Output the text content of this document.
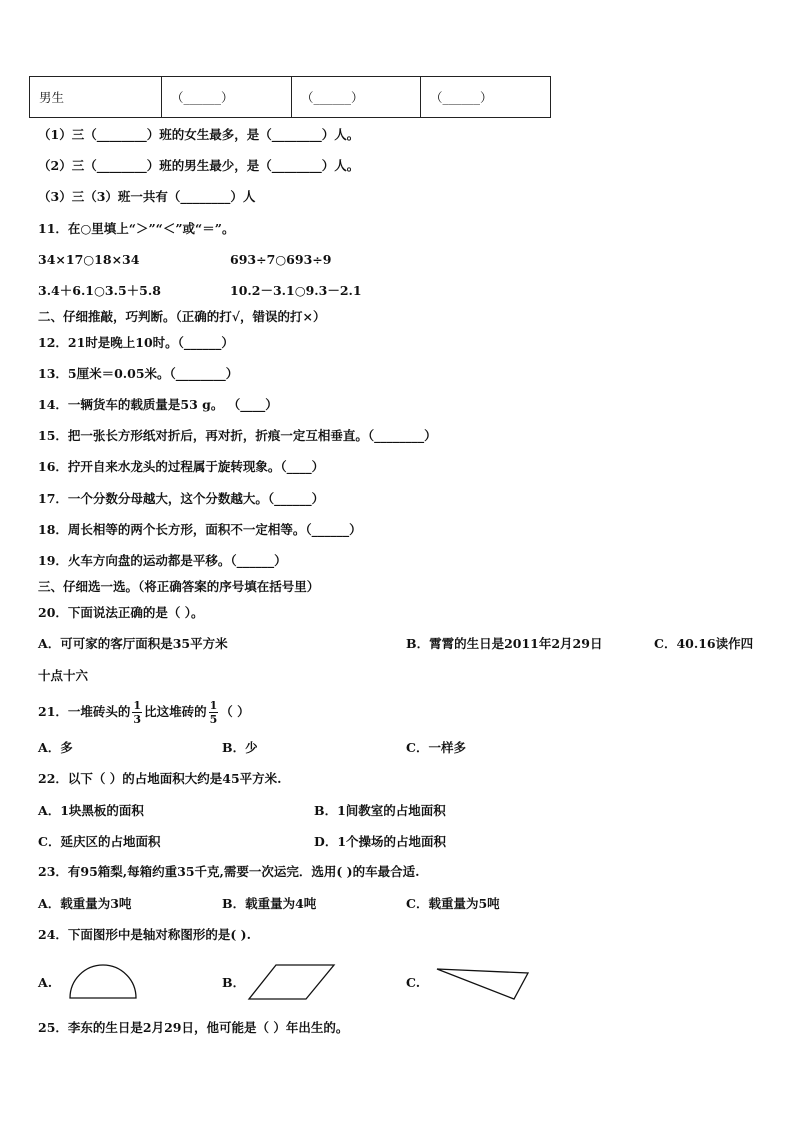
男生	（______）	（______）	（______）
（1）三（________）班的女生最多，是（________）人。
（2）三（________）班的男生最少，是（________）人。
（3）三（3）班一共有（________）人
11．在○里填上“＞”“＜”或“＝”。
34×17○18×34	693÷7○693÷9
3.4＋6.1○3.5＋5.8	10.2－3.1○9.3－2.1
二、仔细推敲，巧判断。（正确的打√，错误的打×）
12．21时是晚上10时。（______）
13．5厘米＝0.05米。（________）
14．一辆货车的载质量是53 g。 （____）
15．把一张长方形纸对折后，再对折，折痕一定互相垂直。（________）
16．拧开自来水龙头的过程属于旋转现象。（____）
17．一个分数分母越大，这个分数越大。（______）
18．周长相等的两个长方形，面积不一定相等。（______）
19．火车方向盘的运动都是平移。（______）
三、仔细选一选。（将正确答案的序号填在括号里）
20．下面说法正确的是（ ）。
A．可可家的客厅面积是35平方米	B．霄霄的生日是2011年2月29日	C．40.16读作四
十点十六
21．一堆砖头的 $\frac{1}{3}$ 比这堆砖的 $\frac{1}{5}$ （ ）
A．多	B．少	C．一样多
22．以下（ ）的占地面积大约是45平方米.
A．1块黑板的面积	B．1间教室的占地面积
C．延庆区的占地面积	D．1个操场的占地面积
23．有95箱梨,每箱约重35千克,需要一次运完．选用( )的车最合适.
A．载重量为3吨	B．载重量为4吨	C．载重量为5吨
24．下面图形中是轴对称图形的是( ).
A.	B．	C.
25．李东的生日是2月29日，他可能是（ ）年出生的。
